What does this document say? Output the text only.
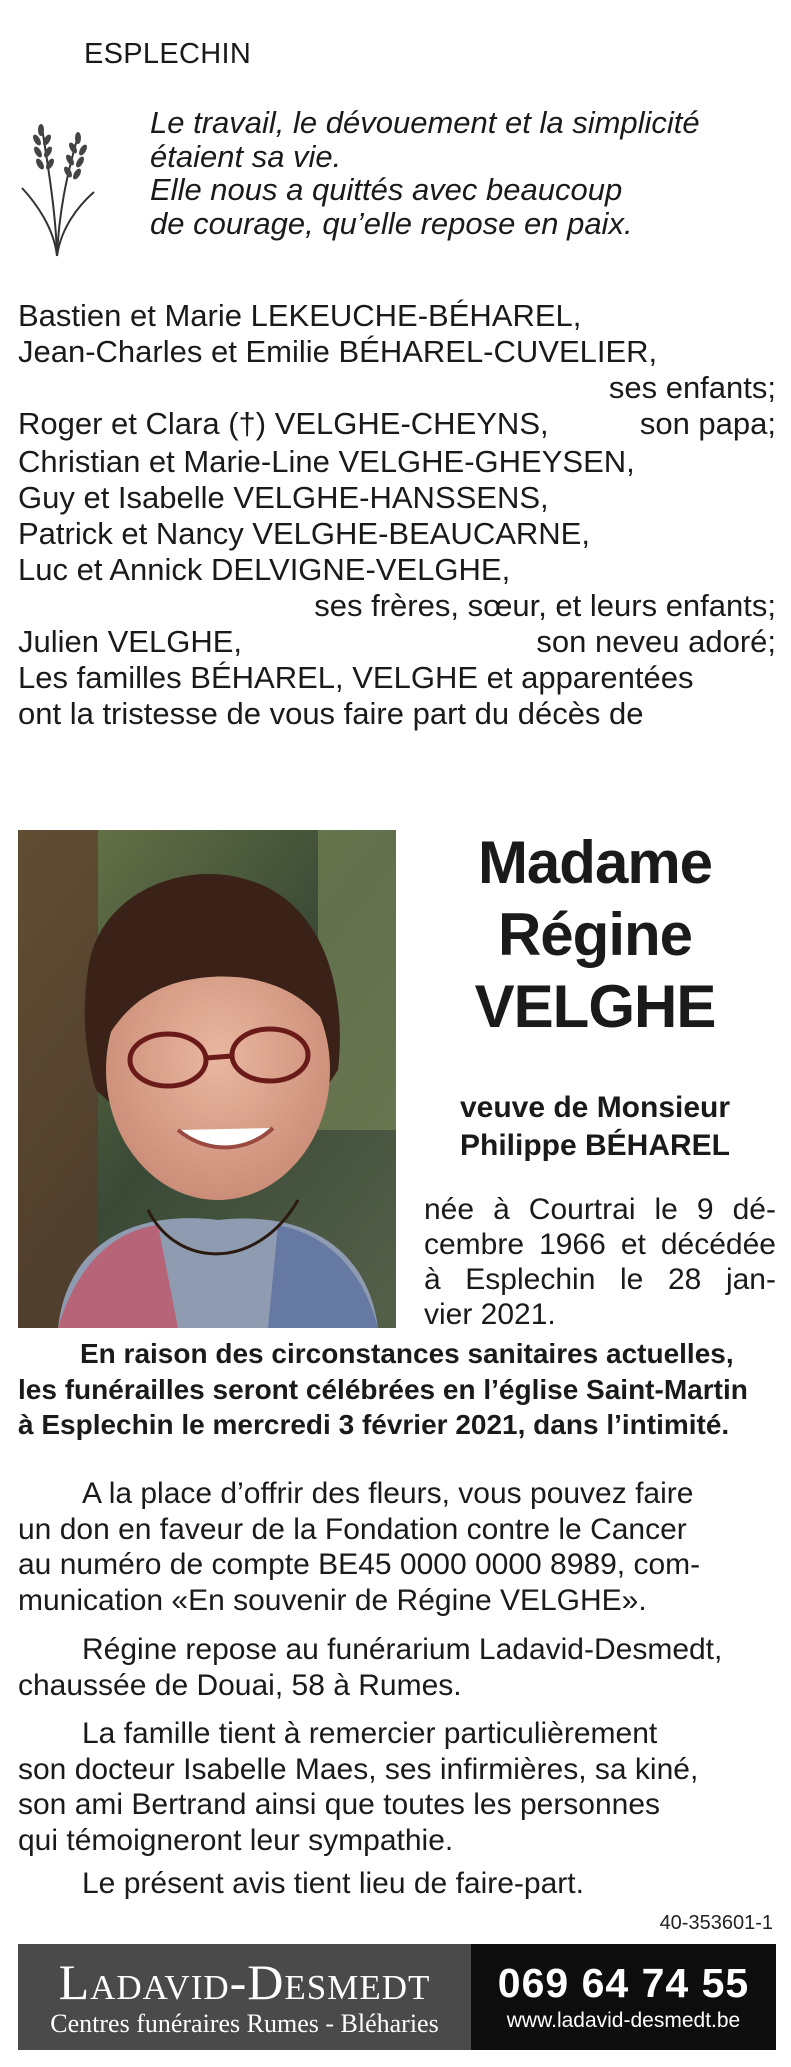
ESPLECHIN
Le travail, le dévouement et la simplicité
étaient sa vie.
Elle nous a quittés avec beaucoup
de courage, qu’elle repose en paix.
Bastien et Marie LEKEUCHE-BÉHAREL,
Jean-Charles et Emilie BÉHAREL-CUVELIER,
ses enfants;
Roger et Clara (†) VELGHE-CHEYNS,	son papa;
Christian et Marie-Line VELGHE-GHEYSEN,
Guy et Isabelle VELGHE-HANSSENS,
Patrick et Nancy VELGHE-BEAUCARNE,
Luc et Annick DELVIGNE-VELGHE,
ses frères, sœur, et leurs enfants;
Julien VELGHE,	son neveu adoré;
Les familles BÉHAREL, VELGHE et apparentées
ont la tristesse de vous faire part du décès de
Madame
Régine
VELGHE
veuve de Monsieur
Philippe BÉHAREL
née à Courtrai le 9 dé-
cembre 1966 et décédée
à Esplechin le 28 jan-
vier 2021.
En raison des circonstances sanitaires actuelles,
les funérailles seront célébrées en l’église Saint-Martin
à Esplechin le mercredi 3 février 2021, dans l’intimité.
A la place d’offrir des fleurs, vous pouvez faire
un don en faveur de la Fondation contre le Cancer
au numéro de compte BE45 0000 0000 8989, com-
munication «En souvenir de Régine VELGHE».
Régine repose au funérarium Ladavid-Desmedt,
chaussée de Douai, 58 à Rumes.
La famille tient à remercier particulièrement
son docteur Isabelle Maes, ses infirmières, sa kiné,
son ami Bertrand ainsi que toutes les personnes
qui témoigneront leur sympathie.
Le présent avis tient lieu de faire-part.
40-353601-1
Ladavid-Desmedt
Centres funéraires Rumes - Bléharies
069 64 74 55
www.ladavid-desmedt.be
